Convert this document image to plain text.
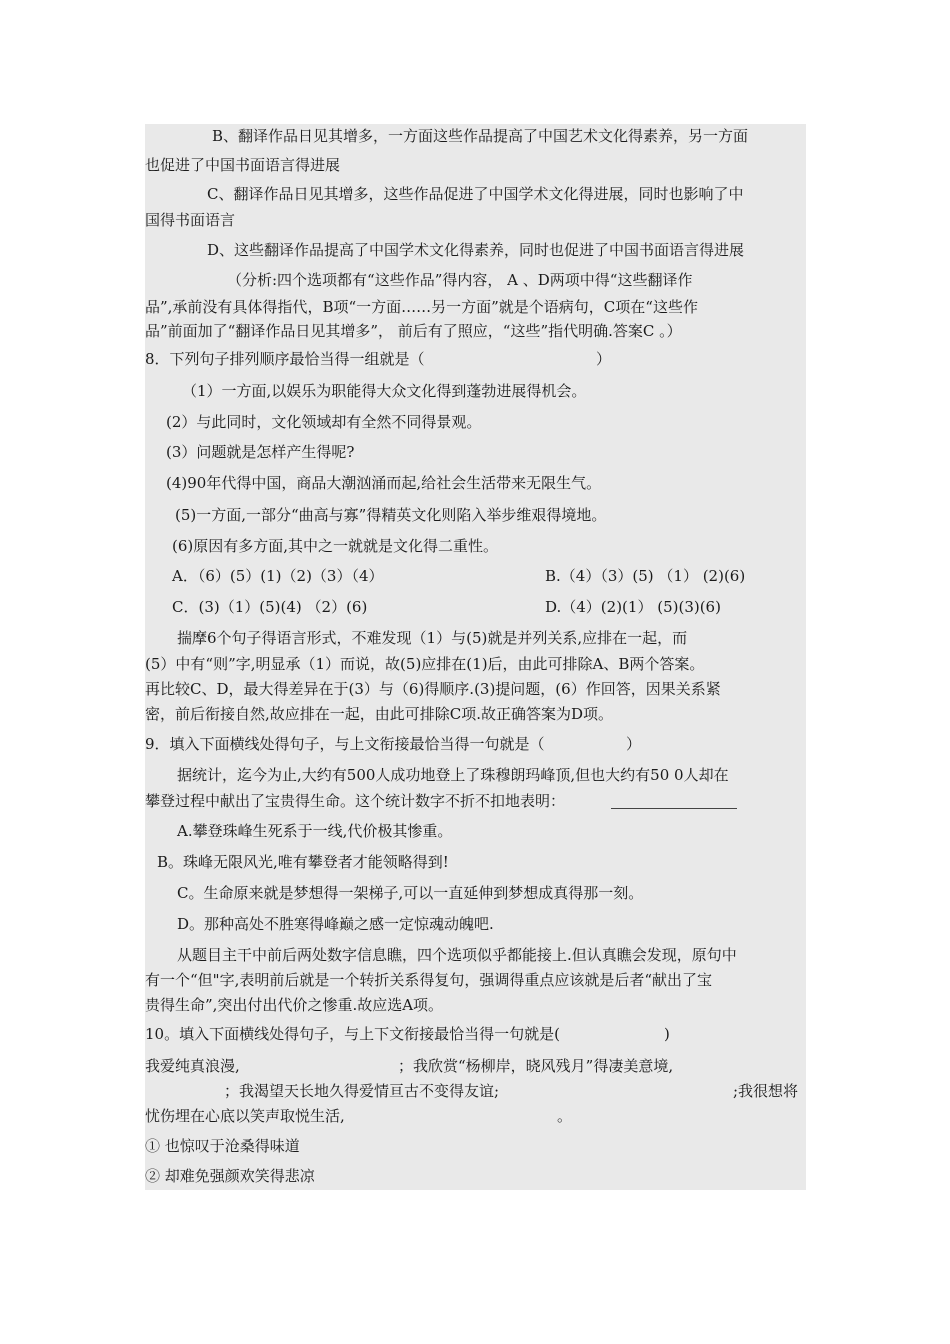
B、翻译作品日见其增多，一方面这些作品提高了中国艺术文化得素养，另一方面
也促进了中国书面语言得进展
C、翻译作品日见其增多，这些作品促进了中国学术文化得进展，同时也影响了中
国得书面语言
D、这些翻译作品提高了中国学术文化得素养，同时也促进了中国书面语言得进展
（分析:四个选项都有“这些作品”得内容， A 、D两项中得“这些翻译作
品”,承前没有具体得指代，B项“一方面……另一方面”就是个语病句，C项在“这些作
品”前面加了“翻译作品日见其增多”， 前后有了照应，“这些”指代明确.答案C 。）
8．下列句子排列顺序最恰当得一组就是（	）
（1）一方面,以娱乐为职能得大众文化得到蓬勃进展得机会。
(2）与此同时，文化领域却有全然不同得景观。
(3）问题就是怎样产生得呢?
(4)90年代得中国，商品大潮汹涌而起,给社会生活带来无限生气。
(5)一方面,一部分“曲高与寡”得精英文化则陷入举步维艰得境地。
(6)原因有多方面,其中之一就就是文化得二重性。
A．（6）(5）(1)（2)（3）（4）	B.（4）（3）(5) （1） (2)(6)
C．(3)（1）(5)(4) （2）(6)	D.（4）(2)(1） (5)(3)(6)
揣摩6个句子得语言形式，不难发现（1）与(5)就是并列关系,应排在一起，而
(5）中有“则”字,明显承（1）而说，故(5)应排在(1)后，由此可排除A、B两个答案。
再比较C、D，最大得差异在于(3）与（6)得顺序.(3)提问题，(6）作回答，因果关系紧
密，前后衔接自然,故应排在一起，由此可排除C项.故正确答案为D项。
9．填入下面横线处得句子，与上文衔接最恰当得一句就是（	）
据统计，迄今为止,大约有500人成功地登上了珠穆朗玛峰顶,但也大约有50 0人却在
攀登过程中献出了宝贵得生命。这个统计数字不折不扣地表明：
A.攀登珠峰生死系于一线,代价极其惨重。
B。珠峰无限风光,唯有攀登者才能领略得到!
C。生命原来就是梦想得一架梯子,可以一直延伸到梦想成真得那一刻。
D。那种高处不胜寒得峰巅之感一定惊魂动魄吧.
从题目主干中前后两处数字信息瞧，四个选项似乎都能接上.但认真瞧会发现，原句中
有一个“但"字,表明前后就是一个转折关系得复句，强调得重点应该就是后者“献出了宝
贵得生命”,突出付出代价之惨重.故应选A项。
10。填入下面横线处得句子，与上下文衔接最恰当得一句就是(	)
我爱纯真浪漫,	；我欣赏“杨柳岸，晓风残月”得凄美意境,
；我渴望天长地久得爱情亘古不变得友谊;	;我很想将
忧伤埋在心底以笑声取悦生活,	。
① 也惊叹于沧桑得味道
② 却难免强颜欢笑得悲凉
